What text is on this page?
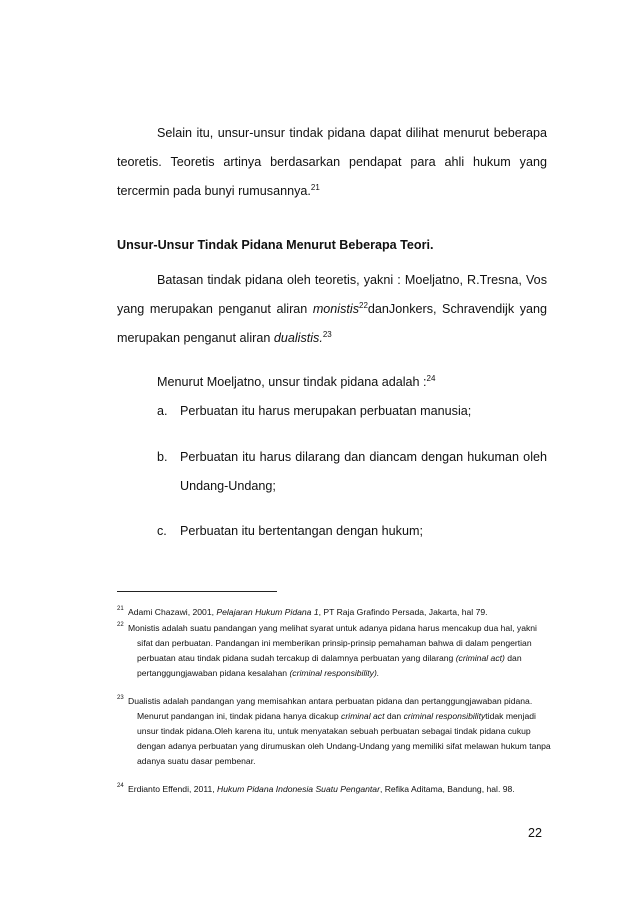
Selain itu, unsur-unsur tindak pidana dapat dilihat menurut beberapa teoretis. Teoretis artinya berdasarkan pendapat para ahli hukum yang tercermin pada bunyi rumusannya.$^{21}$

Unsur-Unsur Tindak Pidana Menurut Beberapa Teori.

Batasan tindak pidana oleh teoretis, yakni : Moeljatno, R.Tresna, Vos yang merupakan penganut aliran monistis$^{22}$danJonkers, Schravendijk yang merupakan penganut aliran dualistis.$^{23}$

Menurut Moeljatno, unsur tindak pidana adalah :$^{24}$

a. Perbuatan itu harus merupakan perbuatan manusia;
b. Perbuatan itu harus dilarang dan diancam dengan hukuman oleh Undang-Undang;
c. Perbuatan itu bertentangan dengan hukum;

21 Adami Chazawi, 2001, Pelajaran Hukum Pidana 1, PT Raja Grafindo Persada, Jakarta, hal 79.

22 Monistis adalah suatu pandangan yang melihat syarat untuk adanya pidana harus mencakup dua hal, yakni sifat dan perbuatan. Pandangan ini memberikan prinsip-prinsip pemahaman bahwa di dalam pengertian perbuatan atau tindak pidana sudah tercakup di dalamnya perbuatan yang dilarang (criminal act) dan pertanggungjawaban pidana kesalahan (criminal responsibility).

23 Dualistis adalah pandangan yang memisahkan antara perbuatan pidana dan pertanggungjawaban pidana. Menurut pandangan ini, tindak pidana hanya dicakup criminal act dan criminal responsibilitytidak menjadi unsur tindak pidana.Oleh karena itu, untuk menyatakan sebuah perbuatan sebagai tindak pidana cukup dengan adanya perbuatan yang dirumuskan oleh Undang-Undang yang memiliki sifat melawan hukum tanpa adanya suatu dasar pembenar.

24 Erdianto Effendi, 2011, Hukum Pidana Indonesia Suatu Pengantar, Refika Aditama, Bandung, hal. 98.

22
